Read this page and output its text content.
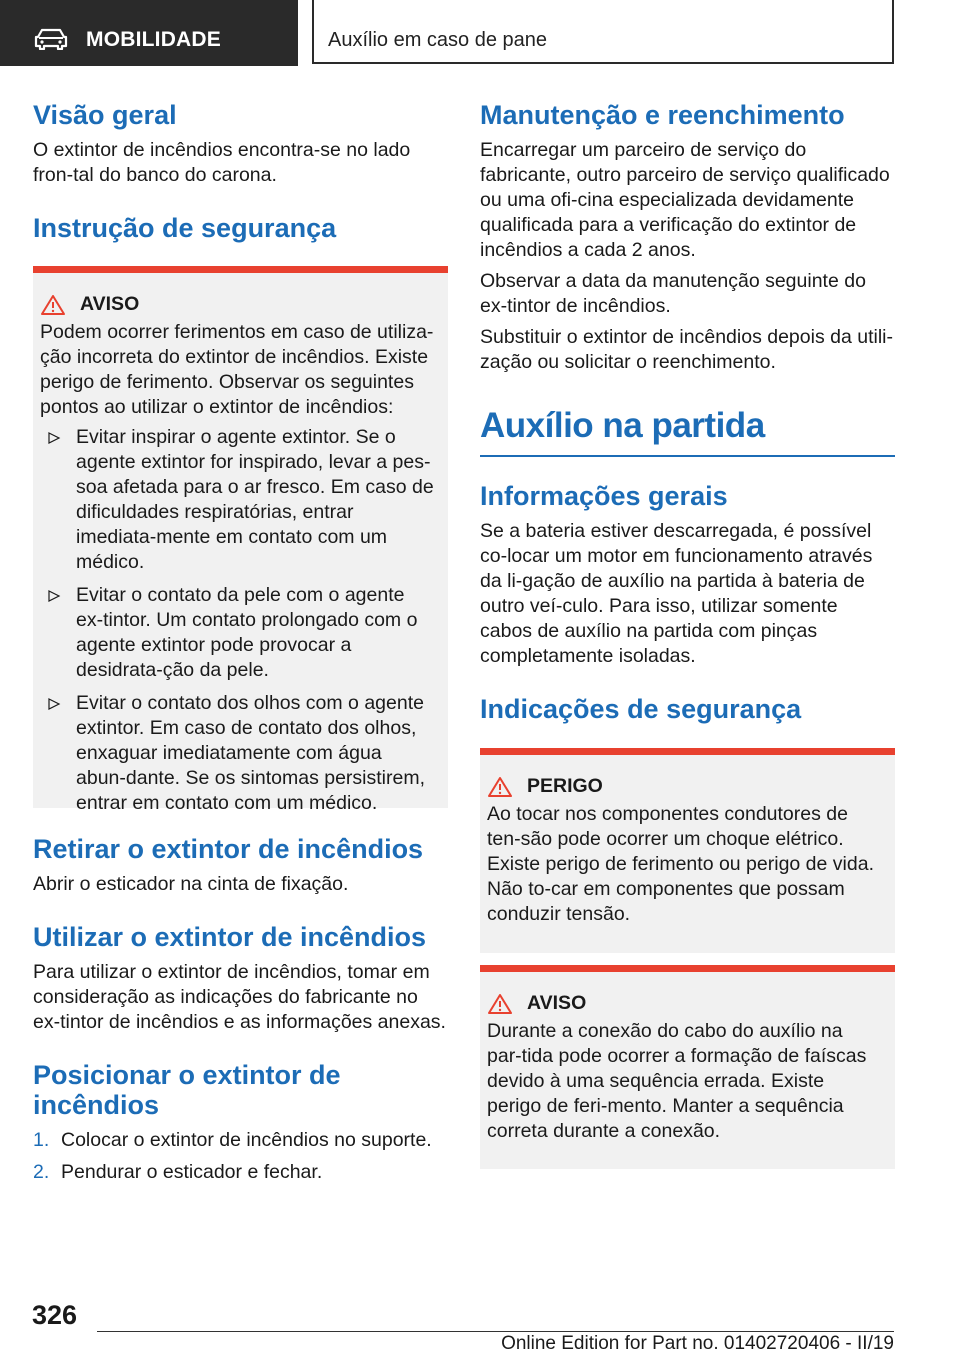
MOBILIDADE	Auxílio em caso de pane
Visão geral

O extintor de incêndios encontra-se no lado fron-tal do banco do carona.

Instrução de segurança
AVISO

Podem ocorrer ferimentos em caso de utiliza-ção incorreta do extintor de incêndios. Existe perigo de ferimento. Observar os seguintes pontos ao utilizar o extintor de incêndios:

Evitar inspirar o agente extintor. Se o agente extintor for inspirado, levar a pes-soa afetada para o ar fresco. Em caso de dificuldades respiratórias, entrar imediata-mente em contato com um médico.
Evitar o contato da pele com o agente ex-tintor. Um contato prolongado com o agente extintor pode provocar a desidrata-ção da pele.
Evitar o contato dos olhos com o agente extintor. Em caso de contato dos olhos, enxaguar imediatamente com água abun-dante. Se os sintomas persistirem, entrar em contato com um médico.
Retirar o extintor de incêndios

Abrir o esticador na cinta de fixação.

Utilizar o extintor de incêndios

Para utilizar o extintor de incêndios, tomar em consideração as indicações do fabricante no ex-tintor de incêndios e as informações anexas.

Posicionar o extintor de incêndios
1. Colocar o extintor de incêndios no suporte.
2. Pendurar o esticador e fechar.
Manutenção e reenchimento

Encarregar um parceiro de serviço do fabricante, outro parceiro de serviço qualificado ou uma ofi-cina especializada devidamente qualificada para a verificação do extintor de incêndios a cada 2 anos.

Observar a data da manutenção seguinte do ex-tintor de incêndios.

Substituir o extintor de incêndios depois da utili-zação ou solicitar o reenchimento.

Auxílio na partida
Informações gerais

Se a bateria estiver descarregada, é possível co-locar um motor em funcionamento através da li-gação de auxílio na partida à bateria de outro veí-culo. Para isso, utilizar somente cabos de auxílio na partida com pinças completamente isoladas.

Indicações de segurança
PERIGO

Ao tocar nos componentes condutores de ten-são pode ocorrer um choque elétrico. Existe perigo de ferimento ou perigo de vida. Não to-car em componentes que possam conduzir tensão.

AVISO

Durante a conexão do cabo do auxílio na par-tida pode ocorrer a formação de faíscas devido à uma sequência errada. Existe perigo de feri-mento. Manter a sequência correta durante a conexão.

326
Online Edition for Part no. 01402720406 - II/19
